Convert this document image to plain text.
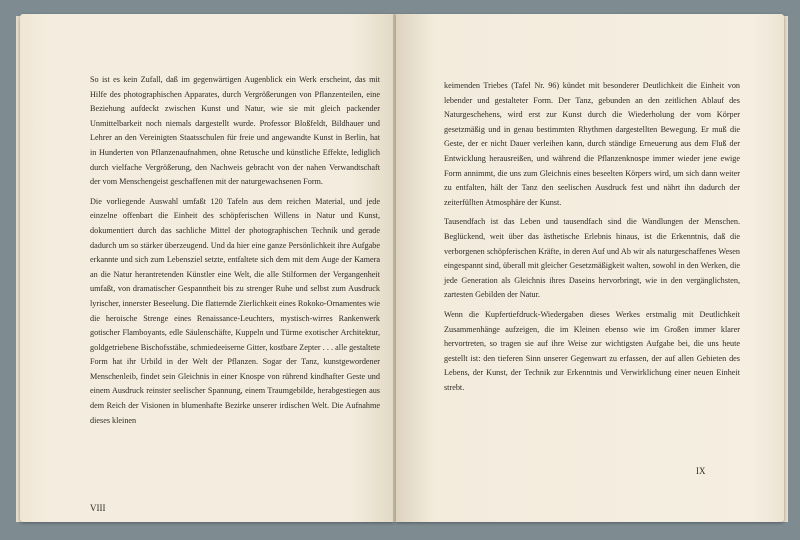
So ist es kein Zufall, daß im gegenwärtigen Augenblick ein Werk erscheint, das mit Hilfe des photographischen Apparates, durch Vergrößerungen von Pflanzenteilen, eine Beziehung aufdeckt zwischen Kunst und Natur, wie sie mit gleich packender Unmittelbarkeit noch niemals dargestellt wurde. Professor Bloßfeldt, Bildhauer und Lehrer an den Vereinigten Staatsschulen für freie und angewandte Kunst in Berlin, hat in Hunderten von Pflanzenaufnahmen, ohne Retusche und künstliche Effekte, lediglich durch vielfache Vergrößerung, den Nachweis gebracht von der nahen Verwandtschaft der vom Menschengeist geschaffenen mit der naturgewachsenen Form.

Die vorliegende Auswahl umfaßt 120 Tafeln aus dem reichen Material, und jede einzelne offenbart die Einheit des schöpferischen Willens in Natur und Kunst, dokumentiert durch das sachliche Mittel der photographischen Technik und gerade dadurch um so stärker überzeugend. Und da hier eine ganze Persönlichkeit ihre Aufgabe erkannte und sich zum Lebensziel setzte, entfaltete sich dem mit dem Auge der Kamera an die Natur herantretenden Künstler eine Welt, die alle Stilformen der Vergangenheit umfaßt, von dramatischer Gespanntheit bis zu strenger Ruhe und selbst zum Ausdruck lyrischer, innerster Beseelung. Die flatternde Zierlichkeit eines Rokoko-Ornamentes wie die heroische Strenge eines Renaissance-Leuchters, mystisch-wirres Rankenwerk gotischer Flamboyants, edle Säulenschäfte, Kuppeln und Türme exotischer Architektur, goldgetriebene Bischofsstäbe, schmiedeeiserne Gitter, kostbare Zepter . . . alle gestaltete Form hat ihr Urbild in der Welt der Pflanzen. Sogar der Tanz, kunstgewordener Menschenleib, findet sein Gleichnis in einer Knospe von rührend kindhafter Geste und einem Ausdruck reinster seelischer Spannung, einem Traumgebilde, herabgestiegen aus dem Reich der Visionen in blumenhafte Bezirke unserer irdischen Welt. Die Aufnahme dieses kleinen

VIII

keimenden Triebes (Tafel Nr. 96) kündet mit besonderer Deutlichkeit die Einheit von lebender und gestalteter Form. Der Tanz, gebunden an den zeitlichen Ablauf des Naturgeschehens, wird erst zur Kunst durch die Wiederholung der vom Körper gesetzmäßig und in genau bestimmten Rhythmen dargestellten Bewegung. Er muß die Geste, der er nicht Dauer verleihen kann, durch ständige Erneuerung aus dem Fluß der Entwicklung herausreißen, und während die Pflanzenknospe immer wieder jene ewige Form annimmt, die uns zum Gleichnis eines beseelten Körpers wird, um sich dann weiter zu entfalten, hält der Tanz den seelischen Ausdruck fest und nährt ihn dadurch der zeiterfüllten Atmosphäre der Kunst.

Tausendfach ist das Leben und tausendfach sind die Wandlungen der Menschen. Beglückend, weit über das ästhetische Erlebnis hinaus, ist die Erkenntnis, daß die verborgenen schöpferischen Kräfte, in deren Auf und Ab wir als naturgeschaffenes Wesen eingespannt sind, überall mit gleicher Gesetzmäßigkeit walten, sowohl in den Werken, die jede Generation als Gleichnis ihres Daseins hervorbringt, wie in den vergänglichsten, zartesten Gebilden der Natur.

Wenn die Kupfertiefdruck-Wiedergaben dieses Werkes erstmalig mit Deutlichkeit Zusammenhänge aufzeigen, die im Kleinen ebenso wie im Großen immer klarer hervortreten, so tragen sie auf ihre Weise zur wichtigsten Aufgabe bei, die uns heute gestellt ist: den tieferen Sinn unserer Gegenwart zu erfassen, der auf allen Gebieten des Lebens, der Kunst, der Technik zur Erkenntnis und Verwirklichung einer neuen Einheit strebt.

IX
